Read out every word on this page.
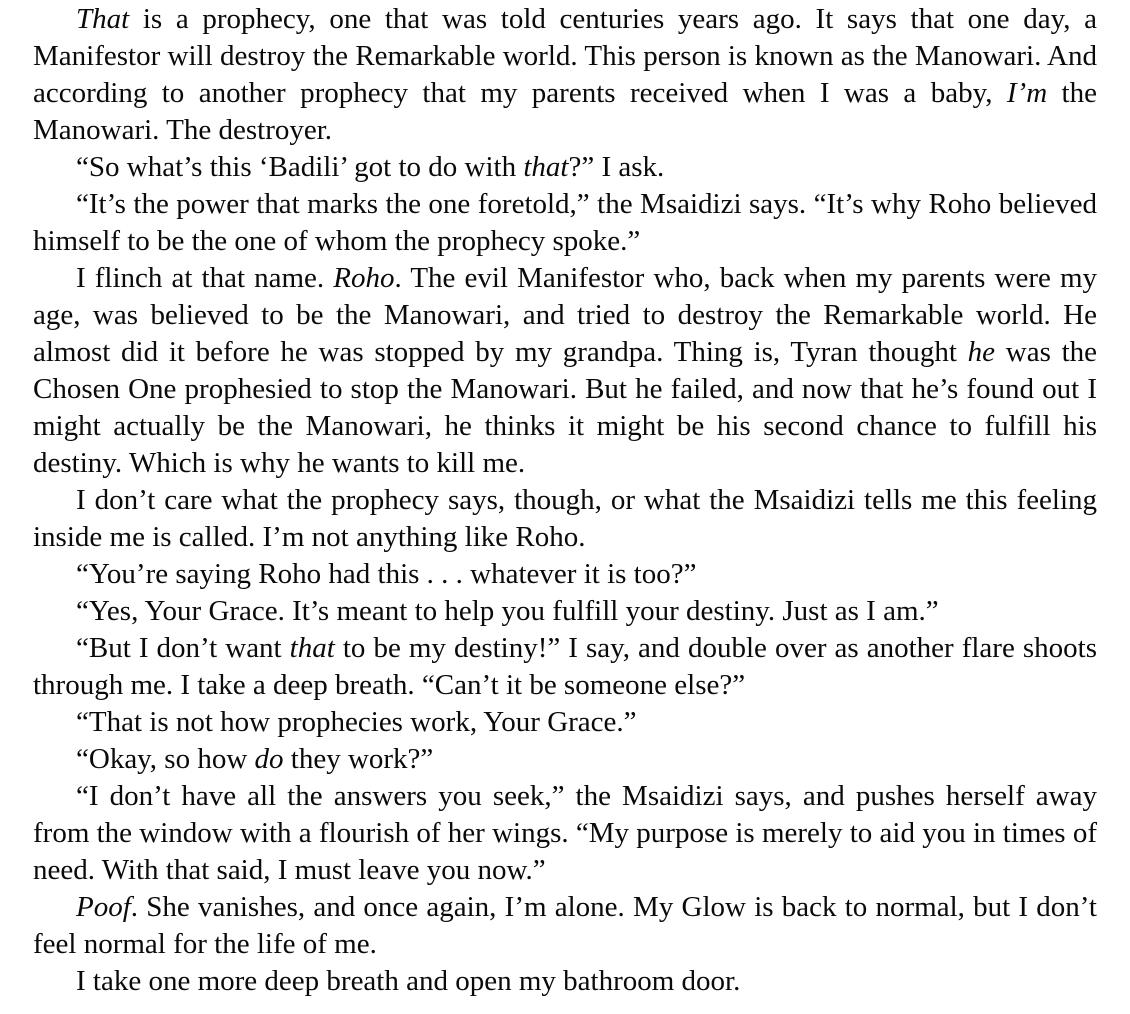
That is a prophecy, one that was told centuries years ago. It says that one day, a Manifestor will destroy the Remarkable world. This person is known as the Manowari. And according to another prophecy that my parents received when I was a baby, I’m the Manowari. The destroyer.

“So what’s this ‘Badili’ got to do with that?” I ask.

“It’s the power that marks the one foretold,” the Msaidizi says. “It’s why Roho believed himself to be the one of whom the prophecy spoke.”

I flinch at that name. Roho. The evil Manifestor who, back when my parents were my age, was believed to be the Manowari, and tried to destroy the Remarkable world. He almost did it before he was stopped by my grandpa. Thing is, Tyran thought he was the Chosen One prophesied to stop the Manowari. But he failed, and now that he’s found out I might actually be the Manowari, he thinks it might be his second chance to fulfill his destiny. Which is why he wants to kill me.

I don’t care what the prophecy says, though, or what the Msaidizi tells me this feeling inside me is called. I’m not anything like Roho.

“You’re saying Roho had this . . . whatever it is too?”

“Yes, Your Grace. It’s meant to help you fulfill your destiny. Just as I am.”

“But I don’t want that to be my destiny!” I say, and double over as another flare shoots through me. I take a deep breath. “Can’t it be someone else?”

“That is not how prophecies work, Your Grace.”

“Okay, so how do they work?”

“I don’t have all the answers you seek,” the Msaidizi says, and pushes herself away from the window with a flourish of her wings. “My purpose is merely to aid you in times of need. With that said, I must leave you now.”

Poof. She vanishes, and once again, I’m alone. My Glow is back to normal, but I don’t feel normal for the life of me.

I take one more deep breath and open my bathroom door.
